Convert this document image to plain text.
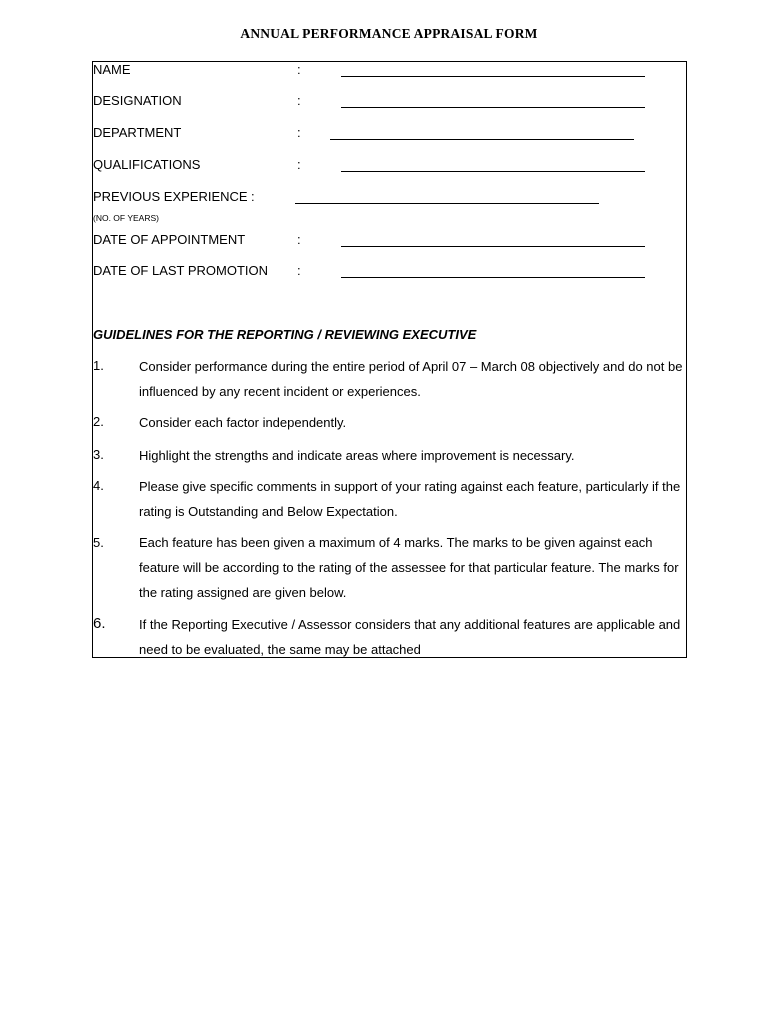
ANNUAL PERFORMANCE APPRAISAL FORM
NAME	:
DESIGNATION	:
DEPARTMENT	:
QUALIFICATIONS	:
PREVIOUS EXPERIENCE :
(NO. OF YEARS)
DATE OF APPOINTMENT	:
DATE OF LAST PROMOTION :
GUIDELINES FOR THE REPORTING / REVIEWING EXECUTIVE
1.	Consider performance during the entire period of April 07 – March 08 objectively and do not be influenced by any recent incident or experiences.
2.	Consider each factor independently.
3.	Highlight the strengths and indicate areas where improvement is necessary.
4.	Please give specific comments in support of your rating against each feature, particularly if the rating is Outstanding and Below Expectation.
5.	Each feature has been given a maximum of 4 marks. The marks to be given against each feature will be according to the rating of the assessee for that particular feature. The marks for the rating assigned are given below.
6.	If the Reporting Executive / Assessor considers that any additional features are applicable and need to be evaluated, the same may be attached
